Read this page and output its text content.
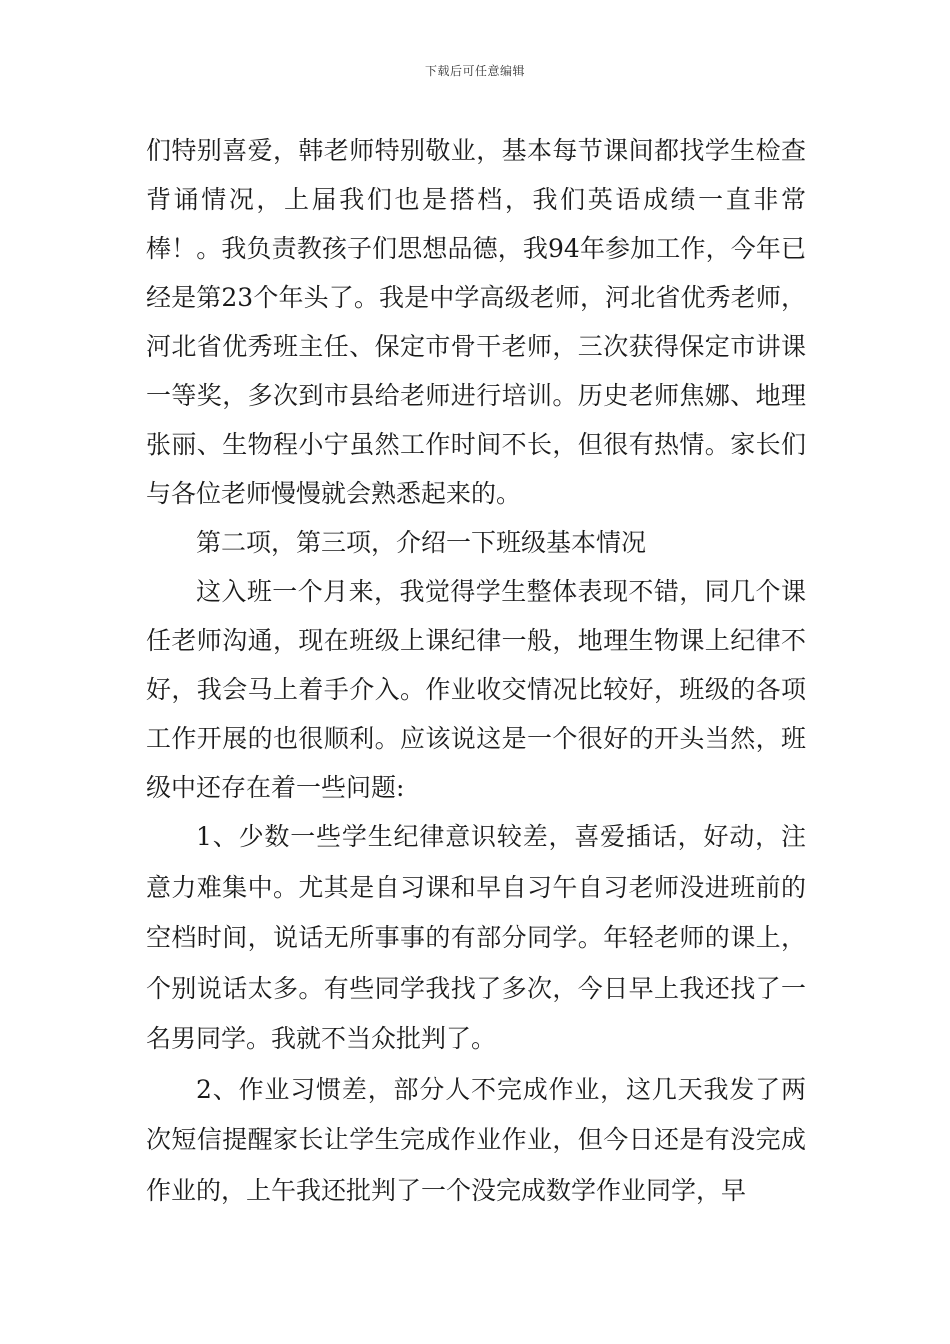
下载后可任意编辑

们特别喜爱，韩老师特别敬业，基本每节课间都找学生检查背诵情况，上届我们也是搭档，我们英语成绩一直非常棒！。我负责教孩子们思想品德，我94年参加工作，今年已经是第23个年头了。我是中学高级老师，河北省优秀老师，河北省优秀班主任、保定市骨干老师，三次获得保定市讲课一等奖，多次到市县给老师进行培训。历史老师焦娜、地理张丽、生物程小宁虽然工作时间不长，但很有热情。家长们与各位老师慢慢就会熟悉起来的。

第二项，第三项，介绍一下班级基本情况

这入班一个月来，我觉得学生整体表现不错，同几个课任老师沟通，现在班级上课纪律一般，地理生物课上纪律不好，我会马上着手介入。作业收交情况比较好，班级的各项工作开展的也很顺利。应该说这是一个很好的开头当然，班级中还存在着一些问题:

1、少数一些学生纪律意识较差，喜爱插话，好动，注意力难集中。尤其是自习课和早自习午自习老师没进班前的空档时间，说话无所事事的有部分同学。年轻老师的课上，个别说话太多。有些同学我找了多次，今日早上我还找了一名男同学。我就不当众批判了。

2、作业习惯差，部分人不完成作业，这几天我发了两次短信提醒家长让学生完成作业作业，但今日还是有没完成作业的，上午我还批判了一个没完成数学作业同学，早
